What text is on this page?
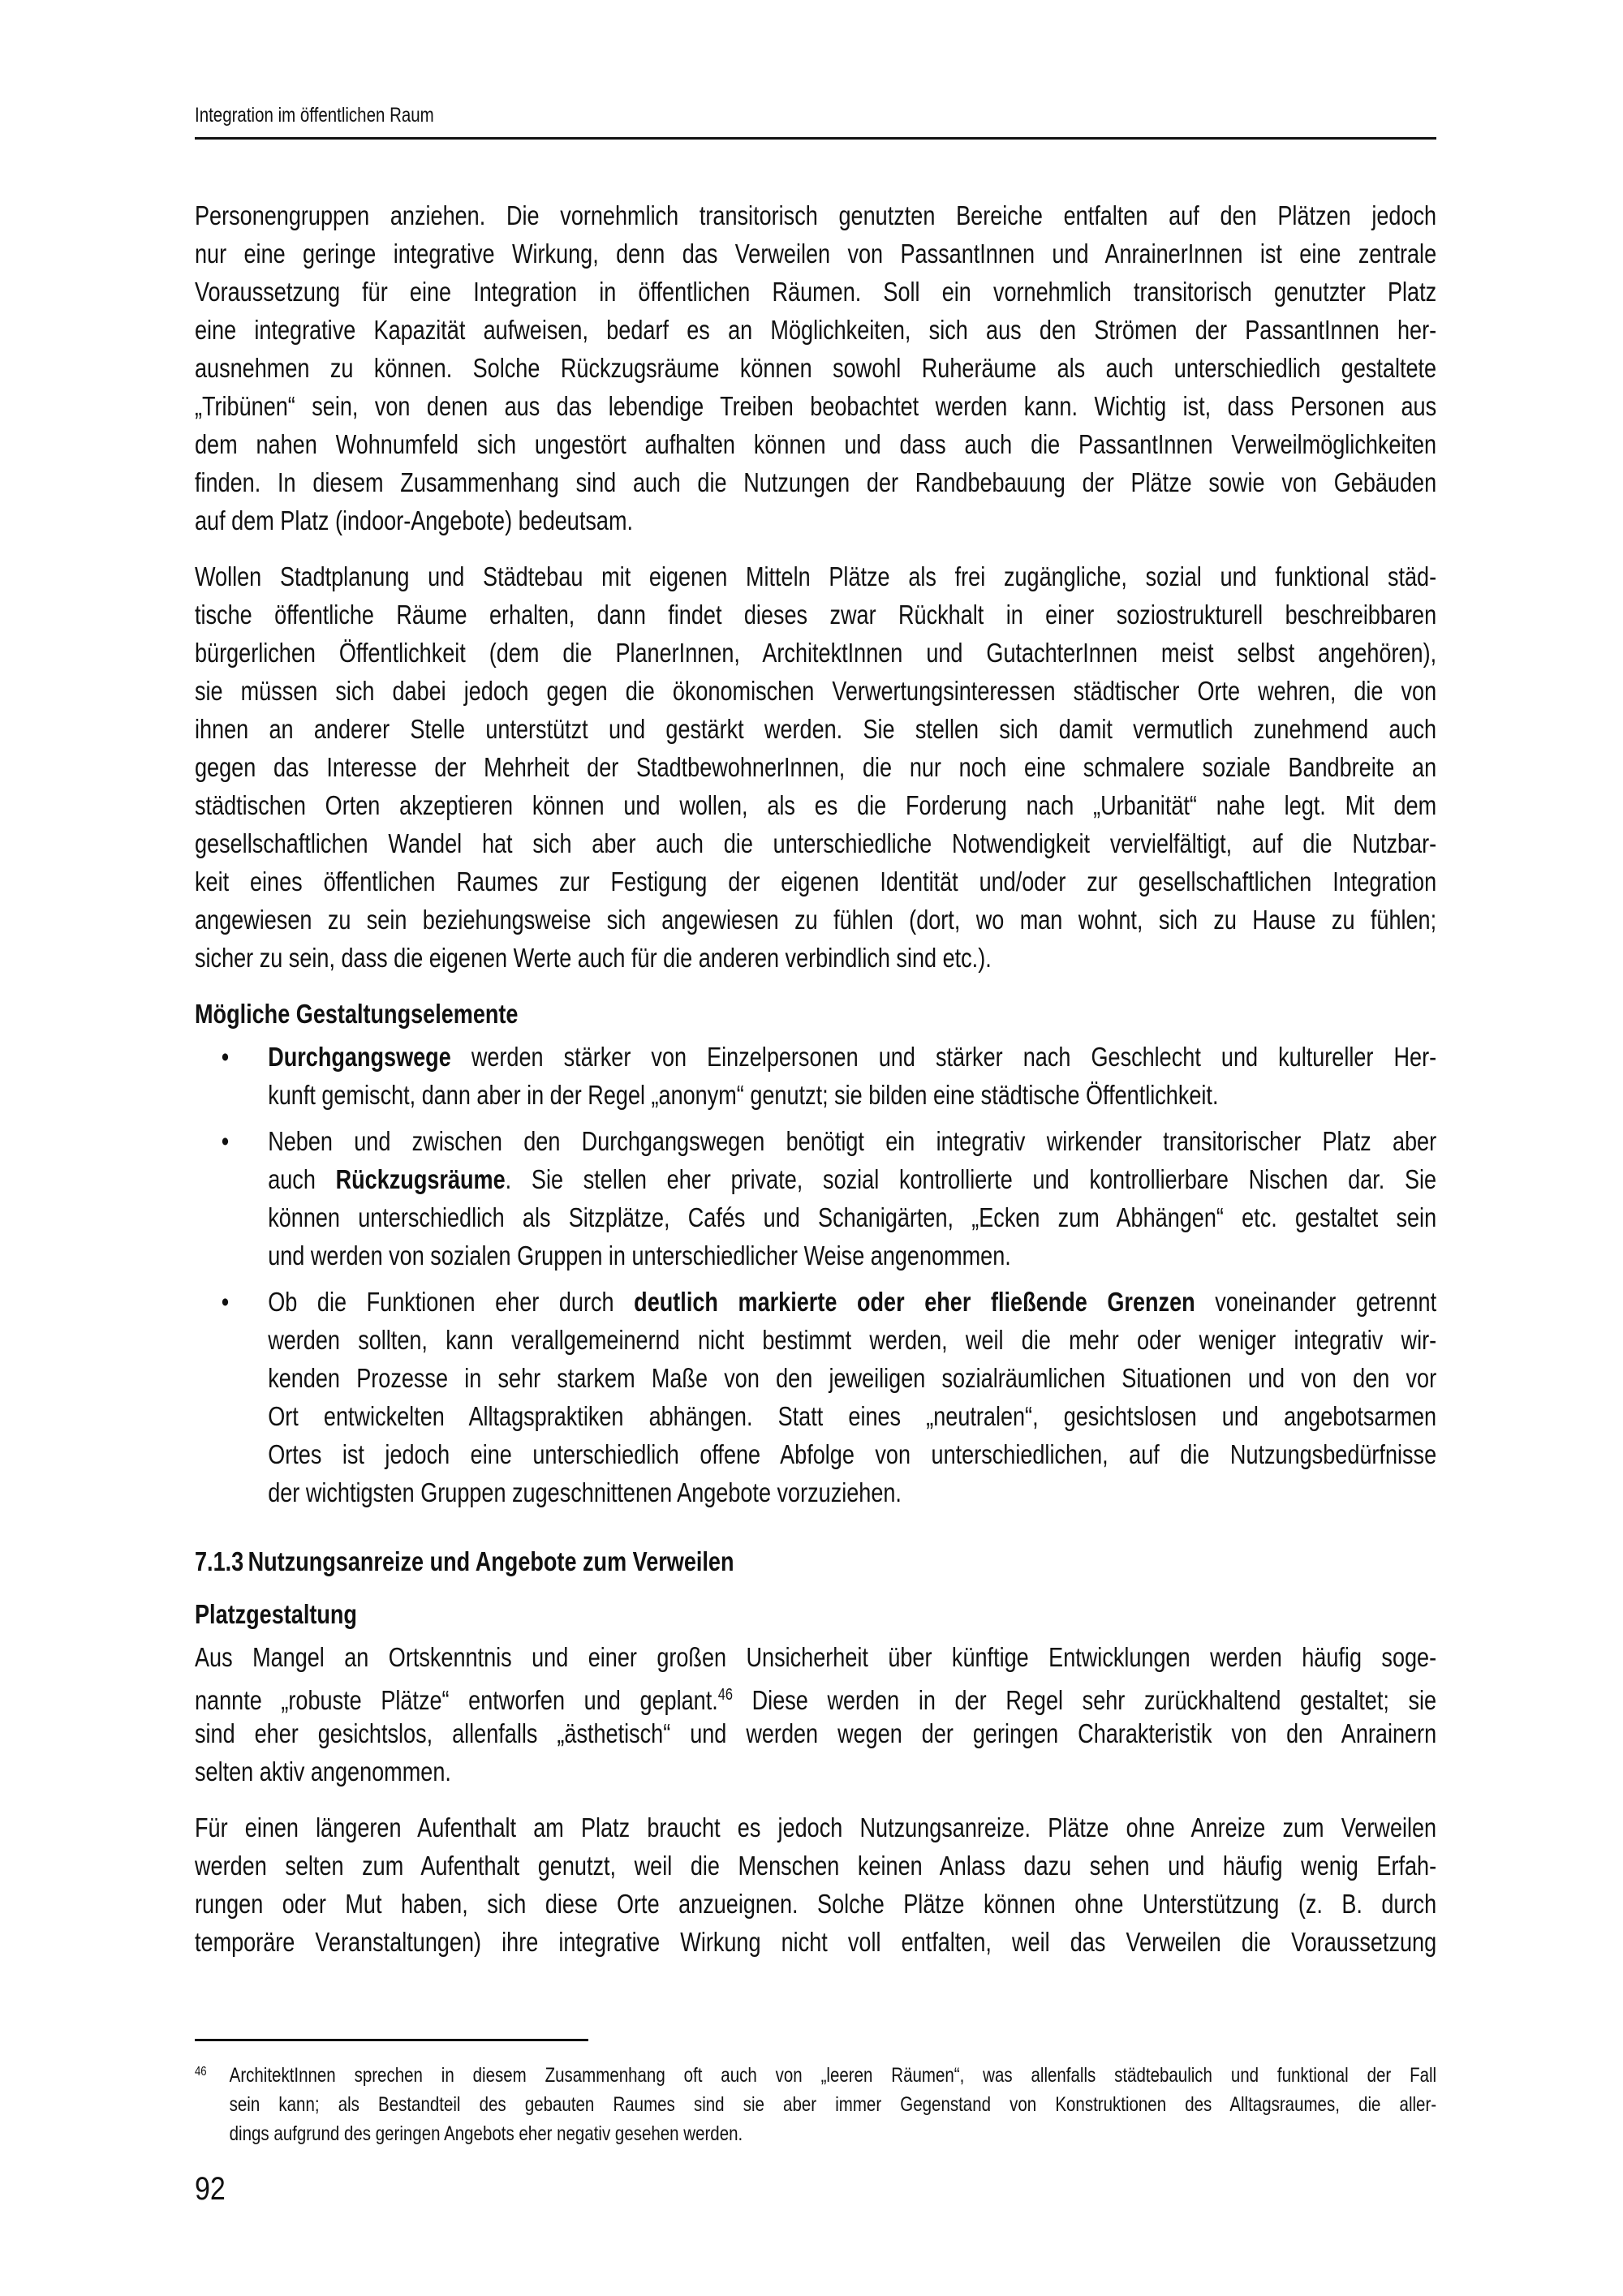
Integration im öffentlichen Raum
Personengruppen anziehen. Die vornehmlich transitorisch genutzten Bereiche entfalten auf den Plätzen jedoch
nur eine geringe integrative Wirkung, denn das Verweilen von PassantInnen und AnrainerInnen ist eine zentrale
Voraussetzung für eine Integration in öffentlichen Räumen. Soll ein vornehmlich transitorisch genutzter Platz
eine integrative Kapazität aufweisen, bedarf es an Möglichkeiten, sich aus den Strömen der PassantInnen her-
ausnehmen zu können. Solche Rückzugsräume können sowohl Ruheräume als auch unterschiedlich gestaltete
„Tribünen“ sein, von denen aus das lebendige Treiben beobachtet werden kann. Wichtig ist, dass Personen aus
dem nahen Wohnumfeld sich ungestört aufhalten können und dass auch die PassantInnen Verweilmöglichkeiten
finden. In diesem Zusammenhang sind auch die Nutzungen der Randbebauung der Plätze sowie von Gebäuden
auf dem Platz (indoor-Angebote) bedeutsam.
Wollen Stadtplanung und Städtebau mit eigenen Mitteln Plätze als frei zugängliche, sozial und funktional städ-
tische öffentliche Räume erhalten, dann findet dieses zwar Rückhalt in einer soziostrukturell beschreibbaren
bürgerlichen Öffentlichkeit (dem die PlanerInnen, ArchitektInnen und GutachterInnen meist selbst angehören),
sie müssen sich dabei jedoch gegen die ökonomischen Verwertungsinteressen städtischer Orte wehren, die von
ihnen an anderer Stelle unterstützt und gestärkt werden. Sie stellen sich damit vermutlich zunehmend auch
gegen das Interesse der Mehrheit der StadtbewohnerInnen, die nur noch eine schmalere soziale Bandbreite an
städtischen Orten akzeptieren können und wollen, als es die Forderung nach „Urbanität“ nahe legt. Mit dem
gesellschaftlichen Wandel hat sich aber auch die unterschiedliche Notwendigkeit vervielfältigt, auf die Nutzbar-
keit eines öffentlichen Raumes zur Festigung der eigenen Identität und/oder zur gesellschaftlichen Integration
angewiesen zu sein beziehungsweise sich angewiesen zu fühlen (dort, wo man wohnt, sich zu Hause zu fühlen;
sicher zu sein, dass die eigenen Werte auch für die anderen verbindlich sind etc.).
Mögliche Gestaltungselemente
• Durchgangswege werden stärker von Einzelpersonen und stärker nach Geschlecht und kultureller Her-
kunft gemischt, dann aber in der Regel „anonym“ genutzt; sie bilden eine städtische Öffentlichkeit.
• Neben und zwischen den Durchgangswegen benötigt ein integrativ wirkender transitorischer Platz aber
auch Rückzugsräume. Sie stellen eher private, sozial kontrollierte und kontrollierbare Nischen dar. Sie
können unterschiedlich als Sitzplätze, Cafés und Schanigärten, „Ecken zum Abhängen“ etc. gestaltet sein
und werden von sozialen Gruppen in unterschiedlicher Weise angenommen.
• Ob die Funktionen eher durch deutlich markierte oder eher fließende Grenzen voneinander getrennt
werden sollten, kann verallgemeinernd nicht bestimmt werden, weil die mehr oder weniger integrativ wir-
kenden Prozesse in sehr starkem Maße von den jeweiligen sozialräumlichen Situationen und von den vor
Ort entwickelten Alltagspraktiken abhängen. Statt eines „neutralen“, gesichtslosen und angebotsarmen
Ortes ist jedoch eine unterschiedlich offene Abfolge von unterschiedlichen, auf die Nutzungsbedürfnisse
der wichtigsten Gruppen zugeschnittenen Angebote vorzuziehen.
7.1.3 Nutzungsanreize und Angebote zum Verweilen
Platzgestaltung
Aus Mangel an Ortskenntnis und einer großen Unsicherheit über künftige Entwicklungen werden häufig soge-
nannte „robuste Plätze“ entworfen und geplant.$^{46}$ Diese werden in der Regel sehr zurückhaltend gestaltet; sie
sind eher gesichtslos, allenfalls „ästhetisch“ und werden wegen der geringen Charakteristik von den Anrainern
selten aktiv angenommen.
Für einen längeren Aufenthalt am Platz braucht es jedoch Nutzungsanreize. Plätze ohne Anreize zum Verweilen
werden selten zum Aufenthalt genutzt, weil die Menschen keinen Anlass dazu sehen und häufig wenig Erfah-
rungen oder Mut haben, sich diese Orte anzueignen. Solche Plätze können ohne Unterstützung (z. B. durch
temporäre Veranstaltungen) ihre integrative Wirkung nicht voll entfalten, weil das Verweilen die Voraussetzung
46 ArchitektInnen sprechen in diesem Zusammenhang oft auch von „leeren Räumen“, was allenfalls städtebaulich und funktional der Fall
sein kann; als Bestandteil des gebauten Raumes sind sie aber immer Gegenstand von Konstruktionen des Alltagsraumes, die aller-
dings aufgrund des geringen Angebots eher negativ gesehen werden.
92
